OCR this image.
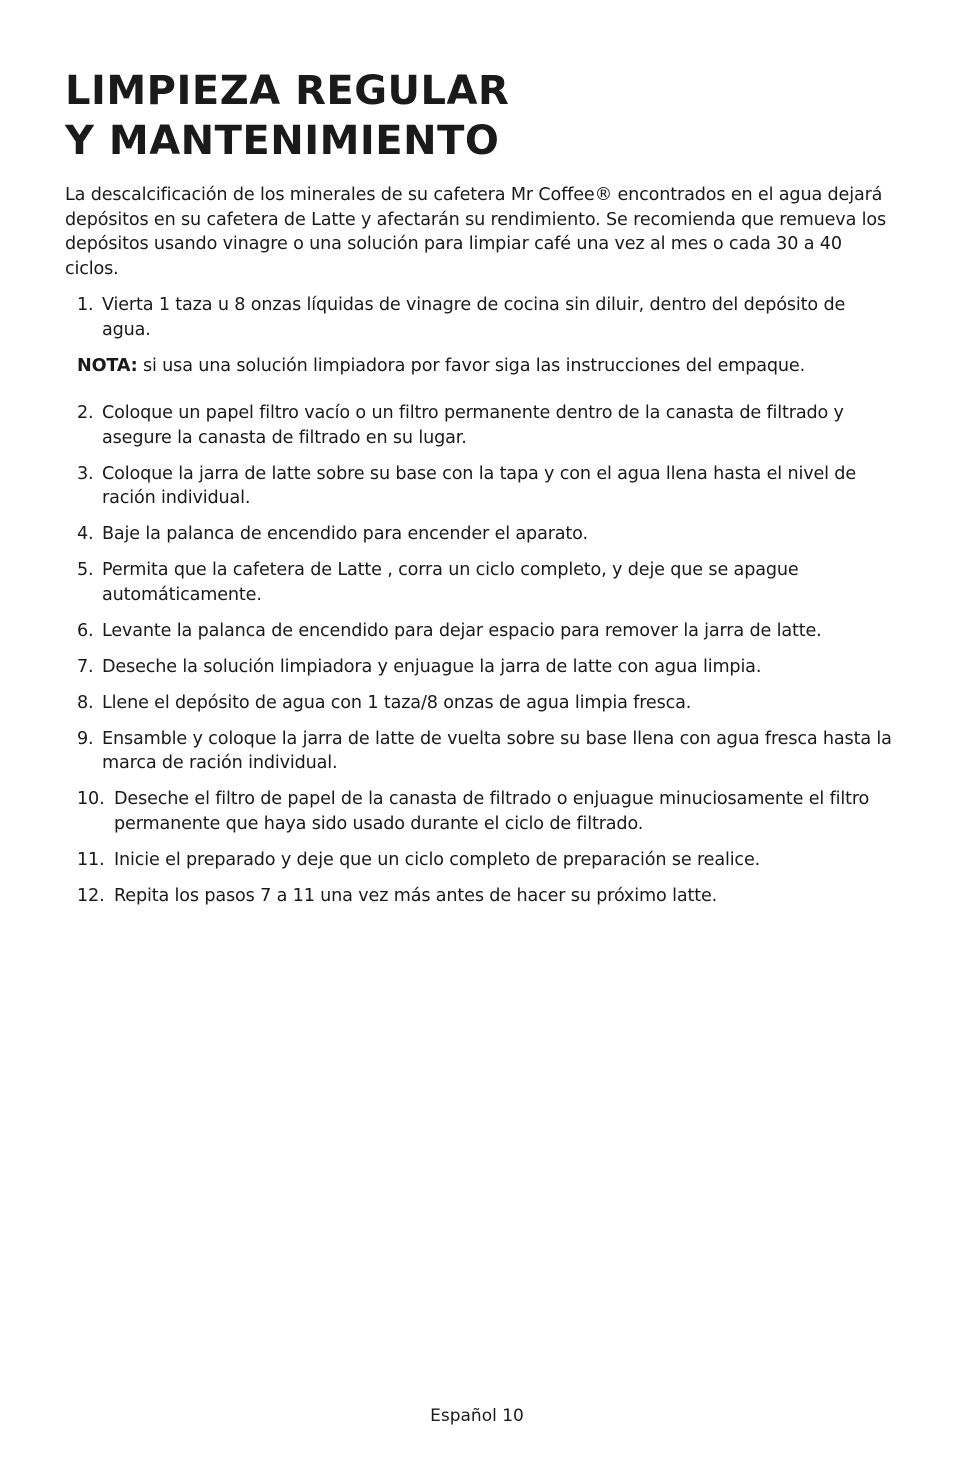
LIMPIEZA REGULAR
Y MANTENIMIENTO

La descalcificación de los minerales de su cafetera Mr Coffee® encontrados en el agua dejará depósitos en su cafetera de Latte y afectarán su rendimiento. Se recomienda que remueva los depósitos usando vinagre o una solución para limpiar café una vez al mes o cada 30 a 40 ciclos.

1. Vierta 1 taza u 8 onzas líquidas de vinagre de cocina sin diluir, dentro del depósito de agua.
NOTA: si usa una solución limpiadora por favor siga las instrucciones del empaque.
2. Coloque un papel filtro vacío o un filtro permanente dentro de la canasta de filtrado y asegure la canasta de filtrado en su lugar.
3. Coloque la jarra de latte sobre su base con la tapa y con el agua llena hasta el nivel de ración individual.
4. Baje la palanca de encendido para encender el aparato.
5. Permita que la cafetera de Latte , corra un ciclo completo, y deje que se apague automáticamente.
6. Levante la palanca de encendido para dejar espacio para remover la jarra de latte.
7. Deseche la solución limpiadora y enjuague la jarra de latte con agua limpia.
8. Llene el depósito de agua con 1 taza/8 onzas de agua limpia fresca.
9. Ensamble y coloque la jarra de latte de vuelta sobre su base llena con agua fresca hasta la marca de ración individual.
10. Deseche el filtro de papel de la canasta de filtrado o enjuague minuciosamente el filtro permanente que haya sido usado durante el ciclo de filtrado.
11. Inicie el preparado y deje que un ciclo completo de preparación se realice.
12. Repita los pasos 7 a 11 una vez más antes de hacer su próximo latte.
Español 10
